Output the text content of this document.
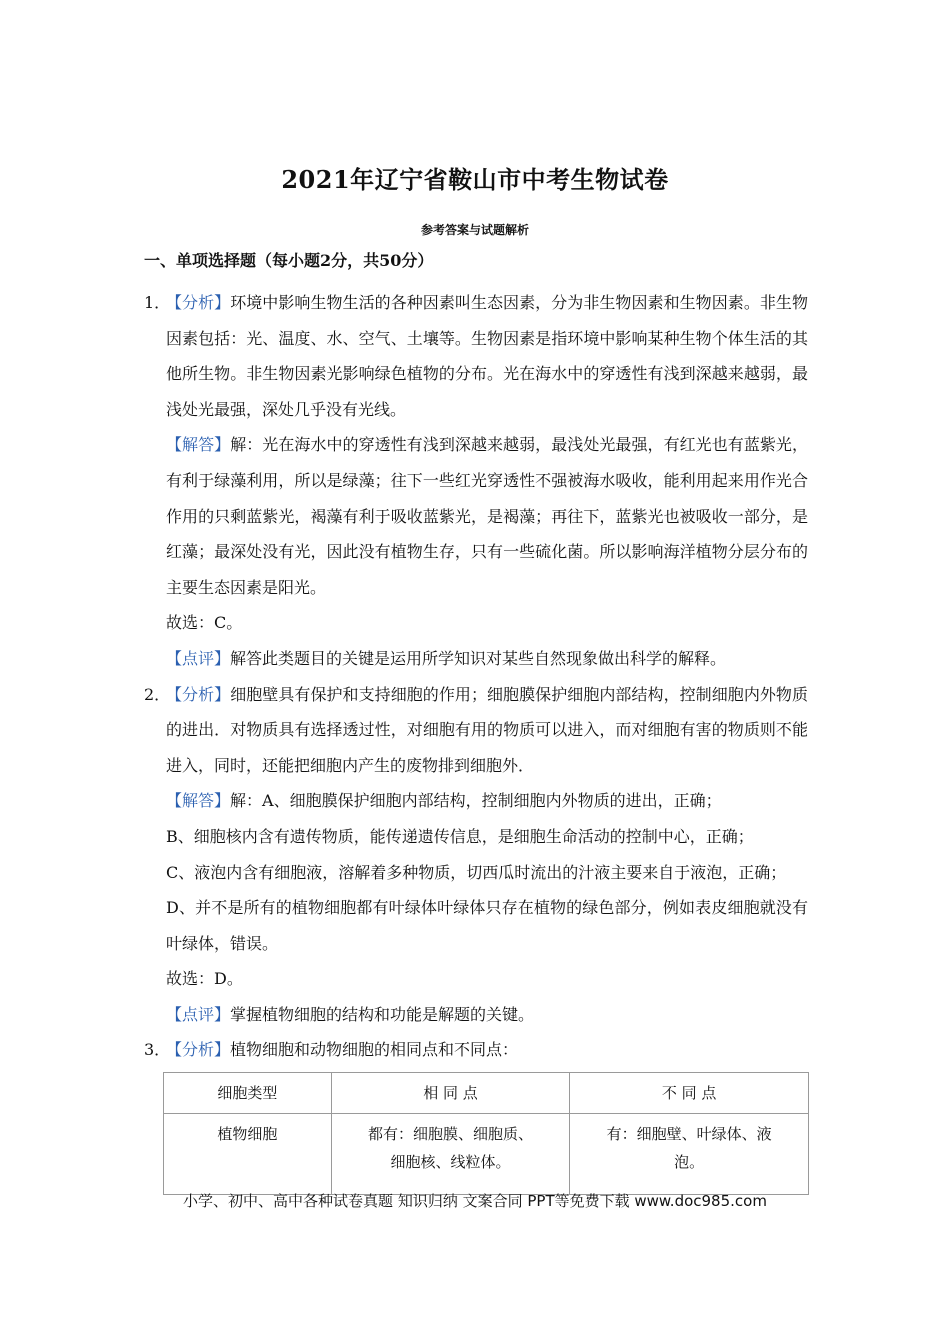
2021年辽宁省鞍山市中考生物试卷
参考答案与试题解析
一、单项选择题（每小题2分，共50分）
1．

【分析】环境中影响生物生活的各种因素叫生态因素，分为非生物因素和生物因素。非生物因素包括：光、温度、水、空气、土壤等。生物因素是指环境中影响某种生物个体生活的其他所生物。非生物因素光影响绿色植物的分布。光在海水中的穿透性有浅到深越来越弱，最浅处光最强，深处几乎没有光线。

【解答】解：光在海水中的穿透性有浅到深越来越弱，最浅处光最强，有红光也有蓝紫光，有利于绿藻利用，所以是绿藻；往下一些红光穿透性不强被海水吸收，能利用起来用作光合作用的只剩蓝紫光，褐藻有利于吸收蓝紫光，是褐藻；再往下，蓝紫光也被吸收一部分，是红藻；最深处没有光，因此没有植物生存，只有一些硫化菌。所以影响海洋植物分层分布的主要生态因素是阳光。

故选：C。

【点评】解答此类题目的关键是运用所学知识对某些自然现象做出科学的解释。

2．

【分析】细胞壁具有保护和支持细胞的作用；细胞膜保护细胞内部结构，控制细胞内外物质的进出．对物质具有选择透过性，对细胞有用的物质可以进入，而对细胞有害的物质则不能进入，同时，还能把细胞内产生的废物排到细胞外．

【解答】解：A、细胞膜保护细胞内部结构，控制细胞内外物质的进出，正确；

B、细胞核内含有遗传物质，能传递遗传信息，是细胞生命活动的控制中心，正确；

C、液泡内含有细胞液，溶解着多种物质，切西瓜时流出的汁液主要来自于液泡，正确；

D、并不是所有的植物细胞都有叶绿体叶绿体只存在植物的绿色部分，例如表皮细胞就没有叶绿体，错误。

故选：D。

【点评】掌握植物细胞的结构和功能是解题的关键。

3．

【分析】植物细胞和动物细胞的相同点和不同点：

细胞类型	相 同 点	不 同 点
植物细胞	都有：细胞膜、细胞质、细胞核、线粒体。	有：细胞壁、叶绿体、液泡。
小学、初中、高中各种试卷真题 知识归纳 文案合同 PPT等免费下载 www.doc985.com
